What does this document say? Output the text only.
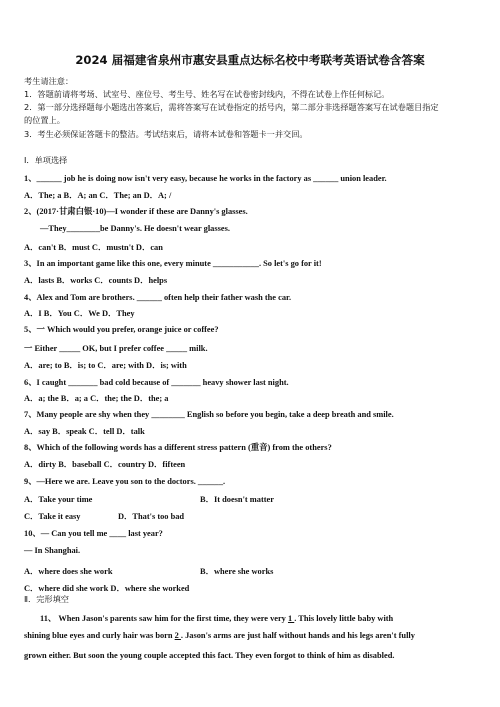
2024 届福建省泉州市惠安县重点达标名校中考联考英语试卷含答案
考生请注意：
1．答题前请将考场、试室号、座位号、考生号、姓名写在试卷密封线内，不得在试卷上作任何标记。
2．第一部分选择题每小题选出答案后，需将答案写在试卷指定的括号内，第二部分非选择题答案写在试卷题目指定
的位置上。
3．考生必须保证答题卡的整洁。考试结束后，请将本试卷和答题卡一并交回。
Ⅰ．单项选择
1、______ job he is doing now isn't very easy, because he works in the factory as ______ union leader.
A．The; a B．A; an C．The; an D．A; /
2、(2017·甘肃白银·10)—I wonder if these are Danny's glasses.
—They________be Danny's. He doesn't wear glasses.
A．can't B．must C．mustn't D．can
3、In an important game like this one, every minute ___________. So let's go for it!
A．lasts B．works C．counts D．helps
4、Alex and Tom are brothers. ______ often help their father wash the car.
A．I B．You C．We D．They
5、一 Which would you prefer, orange juice or coffee?
一 Either _____ OK, but I prefer coffee _____ milk.
A．are; to B．is; to C．are; with D．is; with
6、I caught _______ bad cold because of _______ heavy shower last night.
A．a; the B．a; a C．the; the D．the; a
7、Many people are shy when they ________ English so before you begin, take a deep breath and smile.
A．say B．speak C．tell D．talk
8、Which of the following words has a different stress pattern (重音) from the others?
A．dirty B．baseball C．country D．fifteen
9、—Here we are. Leave you son to the doctors. ______.
A．Take your time	B．It doesn't matter
C．Take it easy	D．That's too bad
10、— Can you tell me ____ last year?
— In Shanghai.
A．where does she work	B．where she works
C．where did she work D．where she worked
Ⅱ．完形填空
11、 When Jason's parents saw him for the first time, they were very 1 . This lovely little baby with
shining blue eyes and curly hair was born 2 . Jason's arms are just half without hands and his legs aren't fully
grown either. But soon the young couple accepted this fact. They even forgot to think of him as disabled.
